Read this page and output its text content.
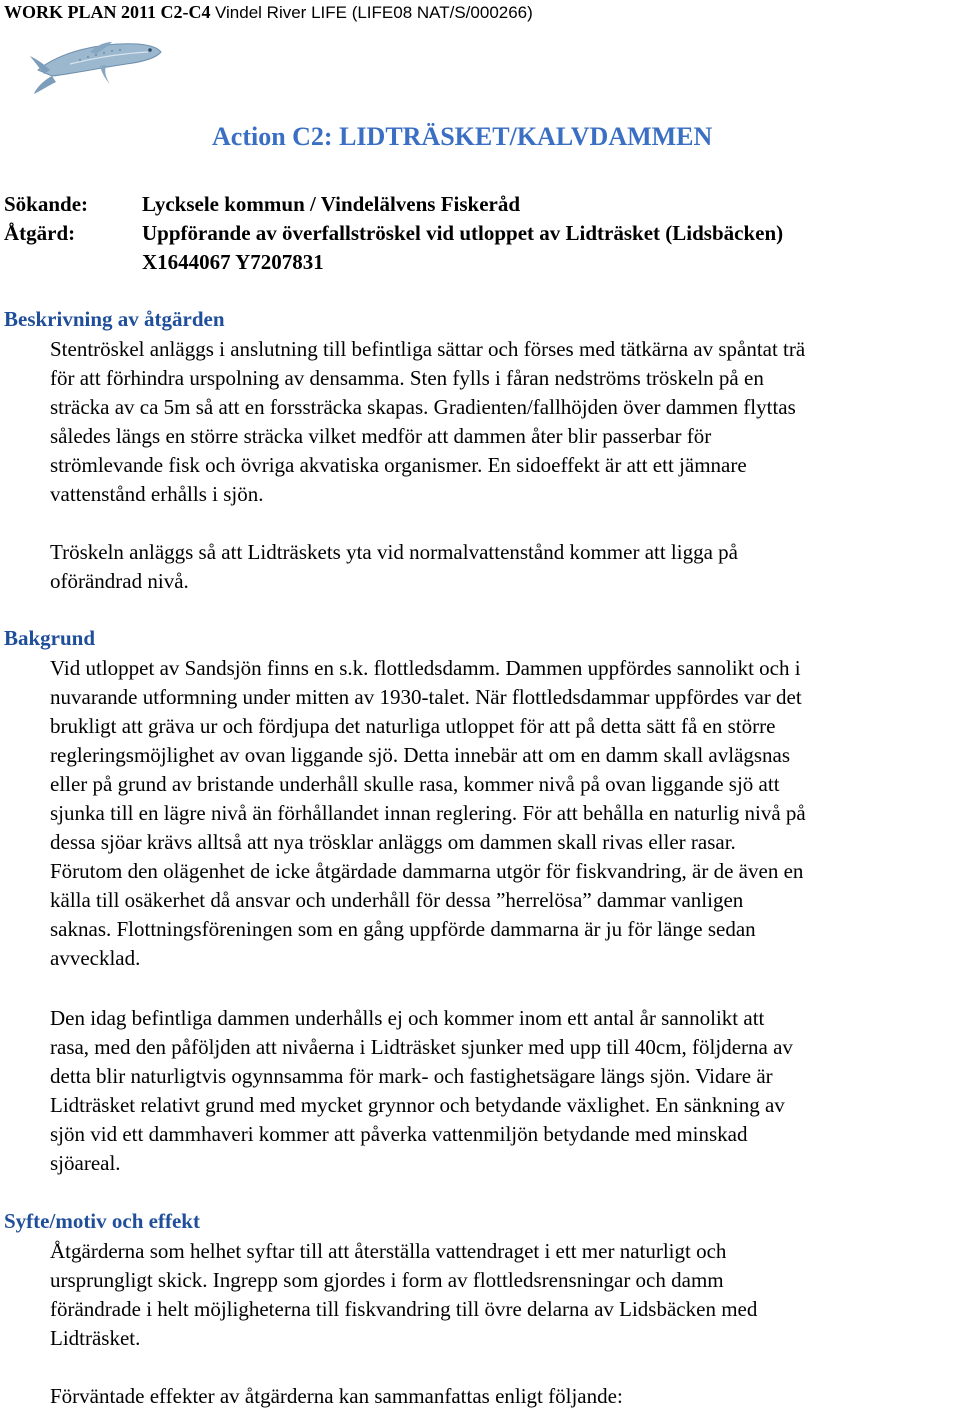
WORK PLAN 2011 C2-C4 Vindel River LIFE (LIFE08 NAT/S/000266)
Action C2: LIDTRÄSKET/KALVDAMMEN
Sökande:	Lycksele kommun / Vindelälvens Fiskeråd
Åtgärd:	Uppförande av överfallströskel vid utloppet av Lidträsket (Lidsbäcken)
X1644067 Y7207831
Beskrivning av åtgärden
Stentröskel anläggs i anslutning till befintliga sättar och förses med tätkärna av spåntat trä
för att förhindra urspolning av densamma. Sten fylls i fåran nedströms tröskeln på en
sträcka av ca 5m så att en forssträcka skapas. Gradienten/fallhöjden över dammen flyttas
således längs en större sträcka vilket medför att dammen åter blir passerbar för
strömlevande fisk och övriga akvatiska organismer. En sidoeffekt är att ett jämnare
vattenstånd erhålls i sjön.
Tröskeln anläggs så att Lidträskets yta vid normalvattenstånd kommer att ligga på
oförändrad nivå.
Bakgrund
Vid utloppet av Sandsjön finns en s.k. flottledsdamm. Dammen uppfördes sannolikt och i
nuvarande utformning under mitten av 1930-talet. När flottledsdammar uppfördes var det
brukligt att gräva ur och fördjupa det naturliga utloppet för att på detta sätt få en större
regleringsmöjlighet av ovan liggande sjö. Detta innebär att om en damm skall avlägsnas
eller på grund av bristande underhåll skulle rasa, kommer nivå på ovan liggande sjö att
sjunka till en lägre nivå än förhållandet innan reglering. För att behålla en naturlig nivå på
dessa sjöar krävs alltså att nya trösklar anläggs om dammen skall rivas eller rasar.
Förutom den olägenhet de icke åtgärdade dammarna utgör för fiskvandring, är de även en
källa till osäkerhet då ansvar och underhåll för dessa ”herrelösa” dammar vanligen
saknas. Flottningsföreningen som en gång uppförde dammarna är ju för länge sedan
avvecklad.
Den idag befintliga dammen underhålls ej och kommer inom ett antal år sannolikt att
rasa, med den påföljden att nivåerna i Lidträsket sjunker med upp till 40cm, följderna av
detta blir naturligtvis ogynnsamma för mark- och fastighetsägare längs sjön. Vidare är
Lidträsket relativt grund med mycket grynnor och betydande växlighet. En sänkning av
sjön vid ett dammhaveri kommer att påverka vattenmiljön betydande med minskad
sjöareal.
Syfte/motiv och effekt
Åtgärderna som helhet syftar till att återställa vattendraget i ett mer naturligt och
ursprungligt skick. Ingrepp som gjordes i form av flottledsrensningar och damm
förändrade i helt möjligheterna till fiskvandring till övre delarna av Lidsbäcken med
Lidträsket.
Förväntade effekter av åtgärderna kan sammanfattas enligt följande:
